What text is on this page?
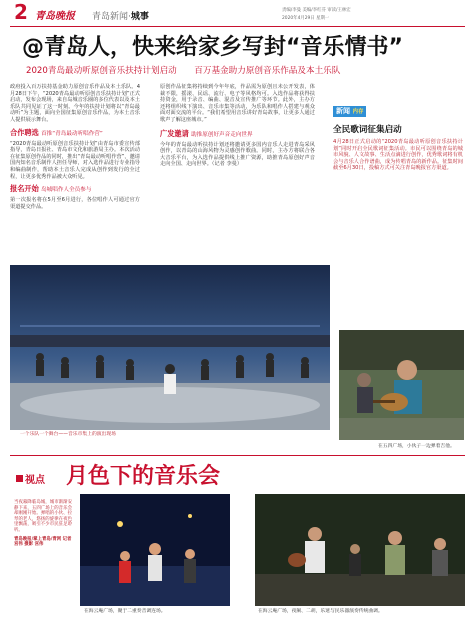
2 青岛晚报 青岛新闻·城事
责编/李曼 美编/李红芬 审读/王林宏
2020年4月29日 星期一
@青岛人，快来给家乡写封“音乐情书”
2020青岛最动听原创音乐扶持计划启动 百万基金助力原创音乐作品及本土乐队
政府投入百万扶持基金助力原创音乐作品及本土乐队。4月28日下午，“2020青岛最动听原创音乐扶持计划”正式启动，发布会现场，来自岛城音乐圈的多位代表以及本土乐队共同见证了这一时刻。今年的扶持计划将以“青岛最动听”为主题，面向全国征集原创音乐作品，为本土音乐人提供展示舞台。
合作聘选 首推“青岛最动听唱作营”
“2020青岛最动听原创音乐扶持计划”由青岛市委宣传部指导，青岛日报社、青岛市文化和旅游局主办。本次活动在征集原创作品的同时，推出“青岛最动听唱作营”，邀请国内知名音乐制作人担任导师，对入选作品进行专业指导和编曲制作，帮助本土音乐人完成从创作到发行的全过程，让更多优秀作品被大众听见。
报名开始 岛城唱作人全员参与
第一次报名将在5月至6月进行，各位唱作人可通过官方渠道提交作品。
原创作品征集将持续到今年年底，作品需为原创且未公开发表，体裁不限，摇滚、民谣、流行、电子等风格均可。入选作品将获得扶持资金，用于录音、编曲、混音及宣传推广等环节。此外，主办方还将组织线下演出、音乐市集等活动，为乐队和唱作人搭建与观众面对面交流的平台。“我们希望用音乐讲好青岛故事，让更多人通过歌声了解这座城市。”
广发邀请 助推原创好声音走向世界
今年的青岛最动听扶持计划还将邀请更多国内音乐人走进青岛采风创作，以青岛的山海风物为灵感创作歌曲。同时，主办方将联合各大音乐平台，为入选作品提供线上推广资源，助推青岛原创好声音走向全国、走向世界。（记者 李曼）
新闻 内存
全民歌词征集启动
4月28日正式启动的“2020青岛最动听原创音乐扶持计划”同时开启全民歌词征集活动。市民可以围绕青岛的城市风貌、人文故事、生活点滴进行创作，优秀歌词将有机会与音乐人合作谱曲，成为传唱青岛的新作品。征集时间截至6月30日，投稿方式可关注青岛晚报官方渠道。
一个乐队一个舞台——音乐市集上的演出现场
在五四广场，小伙子一边弹着吉他。
视点 月色下的音乐会
当夜幕降临岛城，城市渐渐安静下来，五四广场上的音乐会却刚刚开始。弹唱的小伙、拉琴的老人，悠扬的旋律在夜色里飘荡，吸引不少市民驻足聆听。
青岛晚报/掌上青岛/青网 记者 宫伟 摄影 宫伟
在海云庵广场，聚于二重奏音调连场。	在海云庵广场，夜阑、二胡，乐迷与民乐器演奏传统曲调。
